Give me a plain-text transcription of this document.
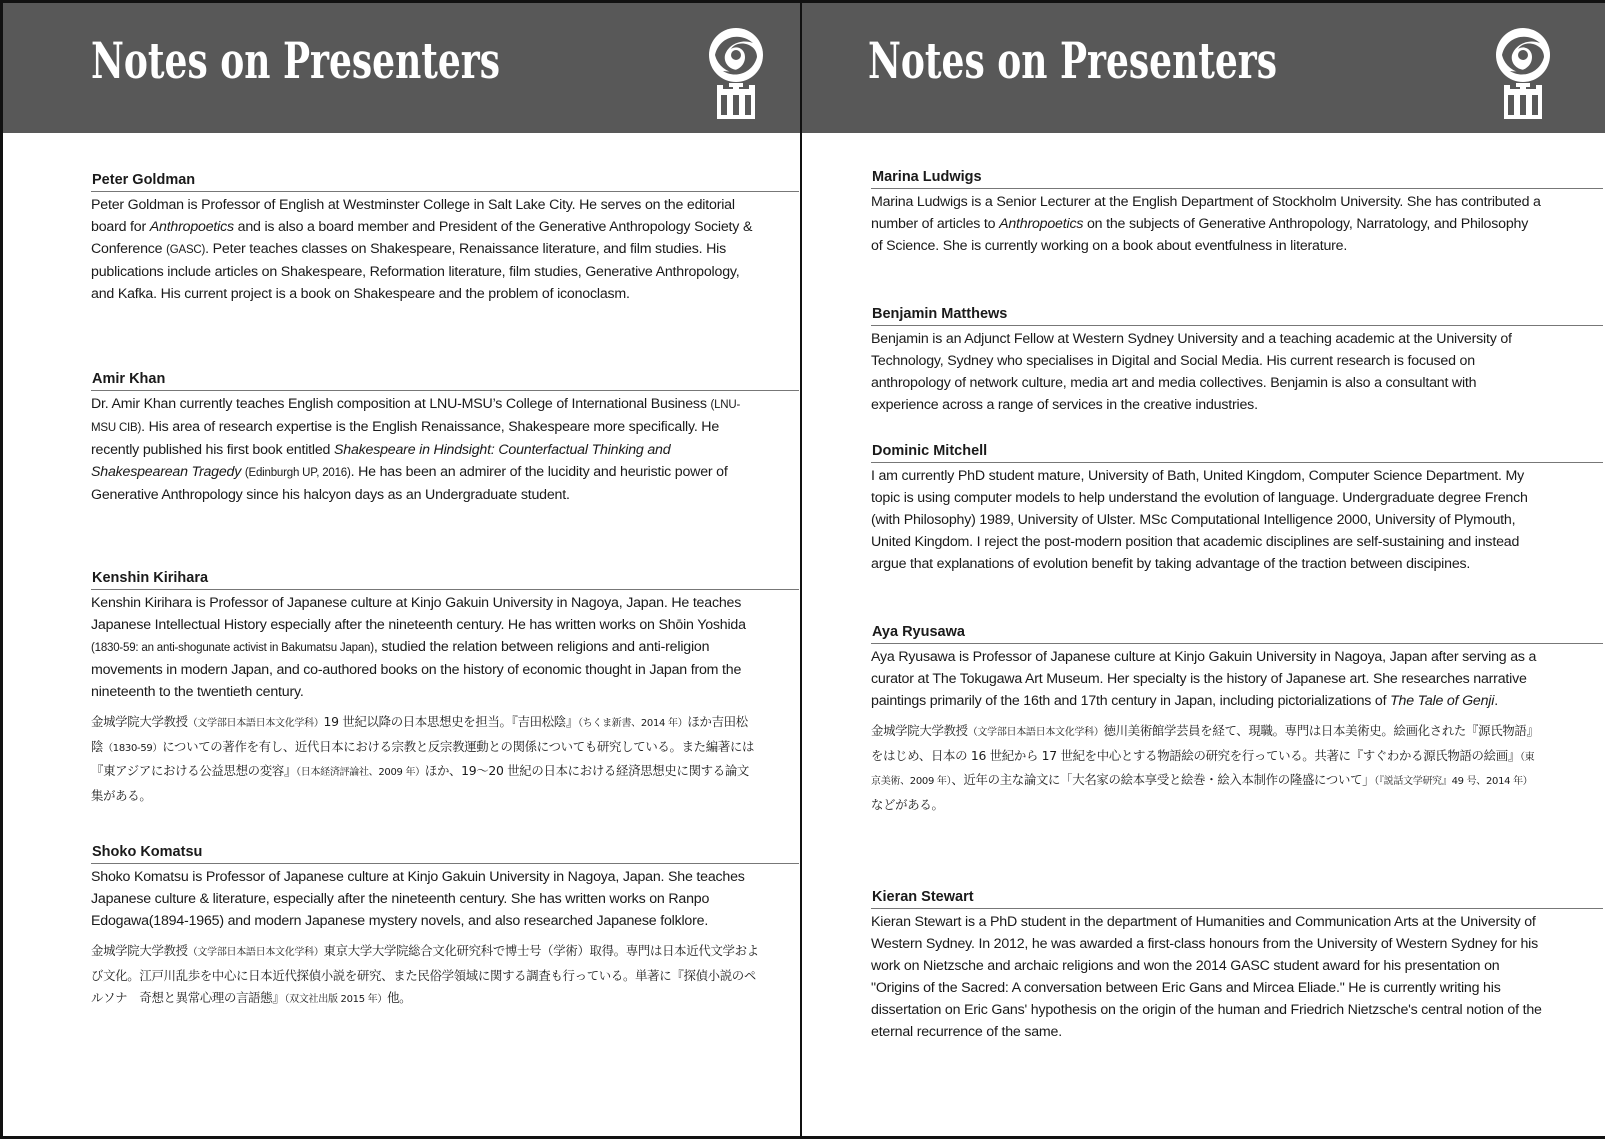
Notes on Presenters
Peter Goldman

Peter Goldman is Professor of English at Westminster College in Salt Lake City. He serves on the editorial board for Anthropoetics and is also a board member and President of the Generative Anthropology Society & Conference (GASC). Peter teaches classes on Shakespeare, Renaissance literature, and film studies. His publications include articles on Shakespeare, Reformation literature, film studies, Generative Anthropology, and Kafka. His current project is a book on Shakespeare and the problem of iconoclasm.

Amir Khan

Dr. Amir Khan currently teaches English composition at LNU-MSU’s College of International Business (LNU-MSU CIB). His area of research expertise is the English Renaissance, Shakespeare more specifically. He recently published his first book entitled Shakespeare in Hindsight: Counterfactual Thinking and Shakespearean Tragedy (Edinburgh UP, 2016). He has been an admirer of the lucidity and heuristic power of Generative Anthropology since his halcyon days as an Undergraduate student.

Kenshin Kirihara

Kenshin Kirihara is Professor of Japanese culture at Kinjo Gakuin University in Nagoya, Japan. He teaches Japanese Intellectual History especially after the nineteenth century. He has written works on Shōin Yoshida (1830-59: an anti-shogunate activist in Bakumatsu Japan), studied the relation between religions and anti-religion movements in modern Japan, and co-authored books on the history of economic thought in Japan from the nineteenth to the twentieth century.

金城学院大学教授（文学部日本語日本文化学科）19 世紀以降の日本思想史を担当。『吉田松陰』（ちくま新書、2014 年）ほか吉田松陰（1830-59）についての著作を有し、近代日本における宗教と反宗教運動との関係についても研究している。また編著には『東アジアにおける公益思想の変容』（日本経済評論社、2009 年）ほか、19～20 世紀の日本における経済思想史に関する論文集がある。

Shoko Komatsu

Shoko Komatsu is Professor of Japanese culture at Kinjo Gakuin University in Nagoya, Japan. She teaches Japanese culture & literature, especially after the nineteenth century. She has written works on Ranpo Edogawa(1894-1965) and modern Japanese mystery novels, and also researched Japanese folklore.

金城学院大学教授（文学部日本語日本文化学科）東京大学大学院総合文化研究科で博士号（学術）取得。専門は日本近代文学および文化。江戸川乱歩を中心に日本近代探偵小説を研究、また民俗学領域に関する調査も行っている。単著に『探偵小説のペルソナ　奇想と異常心理の言語態』（双文社出版 2015 年）他。

Notes on Presenters
Marina Ludwigs

Marina Ludwigs is a Senior Lecturer at the English Department of Stockholm University. She has contributed a number of articles to Anthropoetics on the subjects of Generative Anthropology, Narratology, and Philosophy of Science. She is currently working on a book about eventfulness in literature.

Benjamin Matthews

Benjamin is an Adjunct Fellow at Western Sydney University and a teaching academic at the University of Technology, Sydney who specialises in Digital and Social Media. His current research is focused on anthropology of network culture, media art and media collectives. Benjamin is also a consultant with experience across a range of services in the creative industries.

Dominic Mitchell

I am currently PhD student mature, University of Bath, United Kingdom, Computer Science Department. My topic is using computer models to help understand the evolution of language. Undergraduate degree French (with Philosophy) 1989, University of Ulster. MSc Computational Intelligence 2000, University of Plymouth, United Kingdom. I reject the post-modern position that academic disciplines are self-sustaining and instead argue that explanations of evolution benefit by taking advantage of the traction between discipines.

Aya Ryusawa

Aya Ryusawa is Professor of Japanese culture at Kinjo Gakuin University in Nagoya, Japan after serving as a curator at The Tokugawa Art Museum. Her specialty is the history of Japanese art. She researches narrative paintings primarily of the 16th and 17th century in Japan, including pictorializations of The Tale of Genji.

金城学院大学教授（文学部日本語日本文化学科）徳川美術館学芸員を経て、現職。専門は日本美術史。絵画化された『源氏物語』をはじめ、日本の 16 世紀から 17 世紀を中心とする物語絵の研究を行っている。共著に『すぐわかる源氏物語の絵画』（東京美術、2009 年）、近年の主な論文に「大名家の絵本享受と絵巻・絵入本制作の隆盛について」（『説話文学研究』49 号、2014 年）などがある。

Kieran Stewart

Kieran Stewart is a PhD student in the department of Humanities and Communication Arts at the University of Western Sydney. In 2012, he was awarded a first-class honours from the University of Western Sydney for his work on Nietzsche and archaic religions and won the 2014 GASC student award for his presentation on "Origins of the Sacred: A conversation between Eric Gans and Mircea Eliade." He is currently writing his dissertation on Eric Gans' hypothesis on the origin of the human and Friedrich Nietzsche's central notion of the eternal recurrence of the same.
